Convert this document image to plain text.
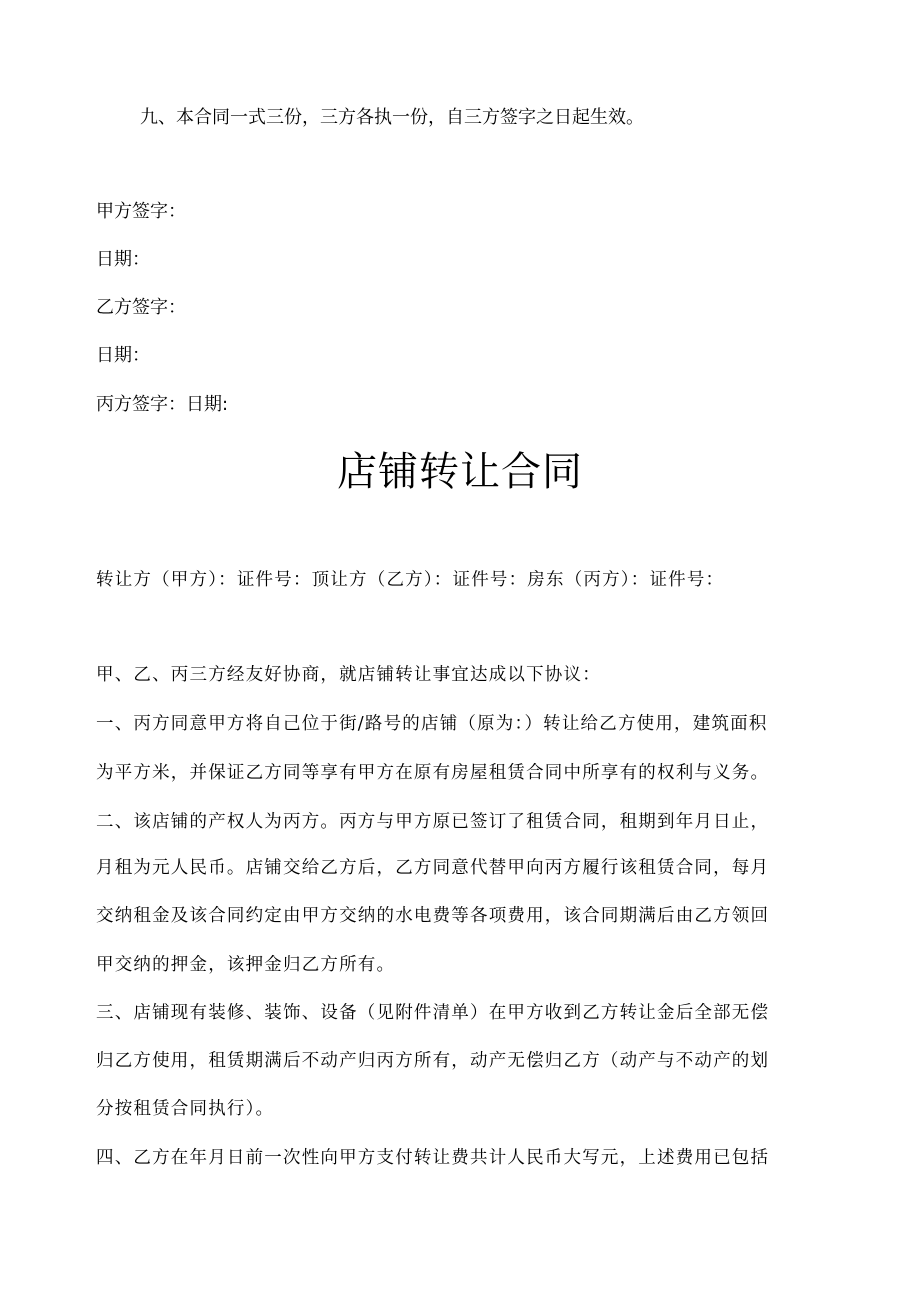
九、本合同一式三份，三方各执一份，自三方签字之日起生效。
甲方签字：
日期：
乙方签字：
日期：
丙方签字：日期:
店铺转让合同
转让方（甲方）：证件号：顶让方（乙方）：证件号：房东（丙方）：证件号：
甲、乙、丙三方经友好协商，就店铺转让事宜达成以下协议：
一、丙方同意甲方将自己位于街/路号的店铺（原为：）转让给乙方使用，建筑面积
为平方米，并保证乙方同等享有甲方在原有房屋租赁合同中所享有的权利与义务。
二、该店铺的产权人为丙方。丙方与甲方原已签订了租赁合同，租期到年月日止，
月租为元人民币。店铺交给乙方后，乙方同意代替甲向丙方履行该租赁合同，每月
交纳租金及该合同约定由甲方交纳的水电费等各项费用，该合同期满后由乙方领回
甲交纳的押金，该押金归乙方所有。
三、店铺现有装修、装饰、设备（见附件清单）在甲方收到乙方转让金后全部无偿
归乙方使用，租赁期满后不动产归丙方所有，动产无偿归乙方（动产与不动产的划
分按租赁合同执行）。
四、乙方在年月日前一次性向甲方支付转让费共计人民币大写元，上述费用已包括
